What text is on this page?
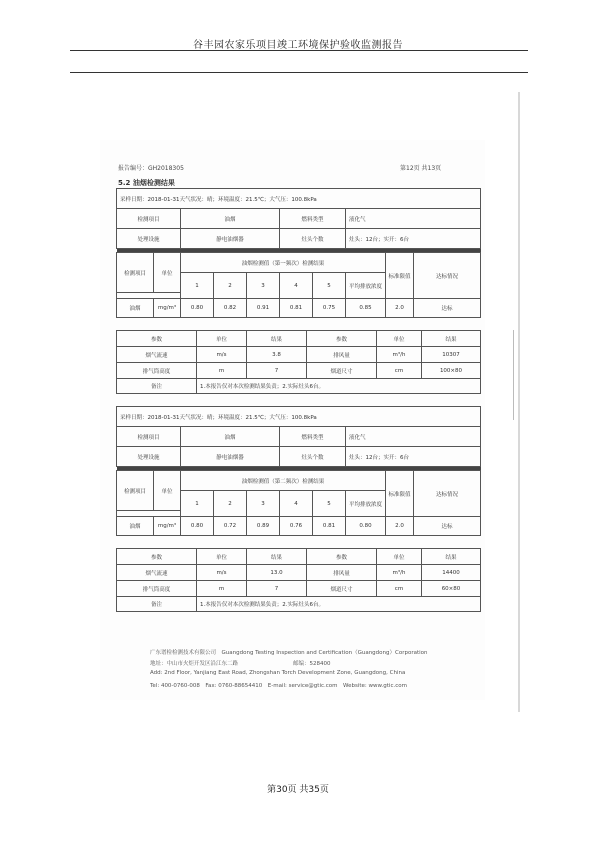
谷丰园农家乐项目竣工环境保护验收监测报告
报告编号：GH2018305	第12页 共13页
5.2 油烟检测结果
采样日期：2018-01-31天气状况：晴；环境温度：21.5℃；大气压：100.8kPa									
检测项目		油烟			燃料类型		液化气		
处理设施		静电油烟器			灶头个数		灶头：12台；实开：6台		

检测项目	单位	油烟检测值（第一频次）检测结果						标准限值	达标情况
		1	2	3	4	5	平均排放浓度		

油烟	mg/m³	0.80	0.82	0.91	0.81	0.75	0.85	2.0	达标
参数	单位	结果	参数	单位	结果
烟气流速	m/s	3.8	排风量	m³/h	10307
排气筒高度	m	7	烟道尺寸	cm	100×80
备注	1.本报告仅对本次检测结果负责；2.实际灶头6台。				
采样日期：2018-01-31天气状况：晴；环境温度：21.5℃；大气压：100.8kPa									
检测项目		油烟			燃料类型		液化气		
处理设施		静电油烟器			灶头个数		灶头：12台；实开：6台		

检测项目	单位	油烟检测值（第二频次）检测结果						标准限值	达标情况
		1	2	3	4	5	平均排放浓度		

油烟	mg/m³	0.80	0.72	0.89	0.76	0.81	0.80	2.0	达标
参数	单位	结果	参数	单位	结果
烟气流速	m/s	13.0	排风量	m³/h	14400
排气筒高度	m	7	烟道尺寸	cm	60×80
备注	1.本报告仅对本次检测结果负责；2.实际灶头6台。				
广东谱检检测技术有限公司　Guangdong Testing Inspection and Certification（Guangdong）Corporation
地址：中山市火炬开发区沿江东二路　　　　　　　　　　邮编：528400
Add: 2nd Floor, Yanjiang East Road, Zhongshan Torch Development Zone, Guangdong, China
Tel: 400-0760-008　Fax: 0760-88654410　E-mail: service@gtic.com　Website: www.gtic.com
第30页 共35页
